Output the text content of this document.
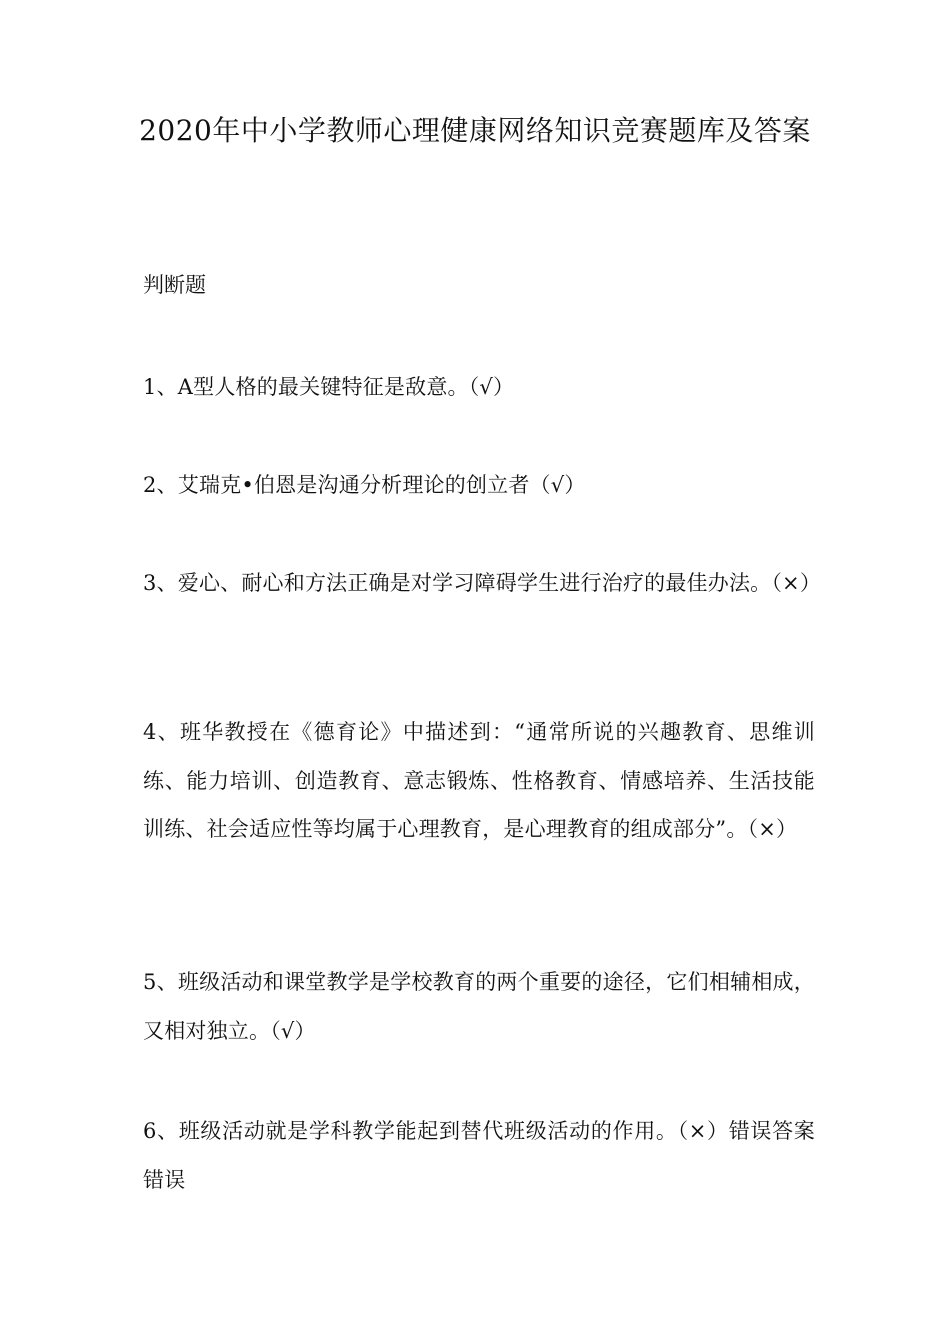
2020年中小学教师心理健康网络知识竞赛题库及答案
判断题
1、A型人格的最关键特征是敌意。（√）
2、艾瑞克•伯恩是沟通分析理论的创立者（√）
3、爱心、耐心和方法正确是对学习障碍学生进行治疗的最佳办法。（×）
4、班华教授在《德育论》中描述到：“通常所说的兴趣教育、思维训练、能力培训、创造教育、意志锻炼、性格教育、情感培养、生活技能训练、社会适应性等均属于心理教育，是心理教育的组成部分”。（×）
5、班级活动和课堂教学是学校教育的两个重要的途径，它们相辅相成，又相对独立。（√）
6、班级活动就是学科教学能起到替代班级活动的作用。（×）错误答案错误
